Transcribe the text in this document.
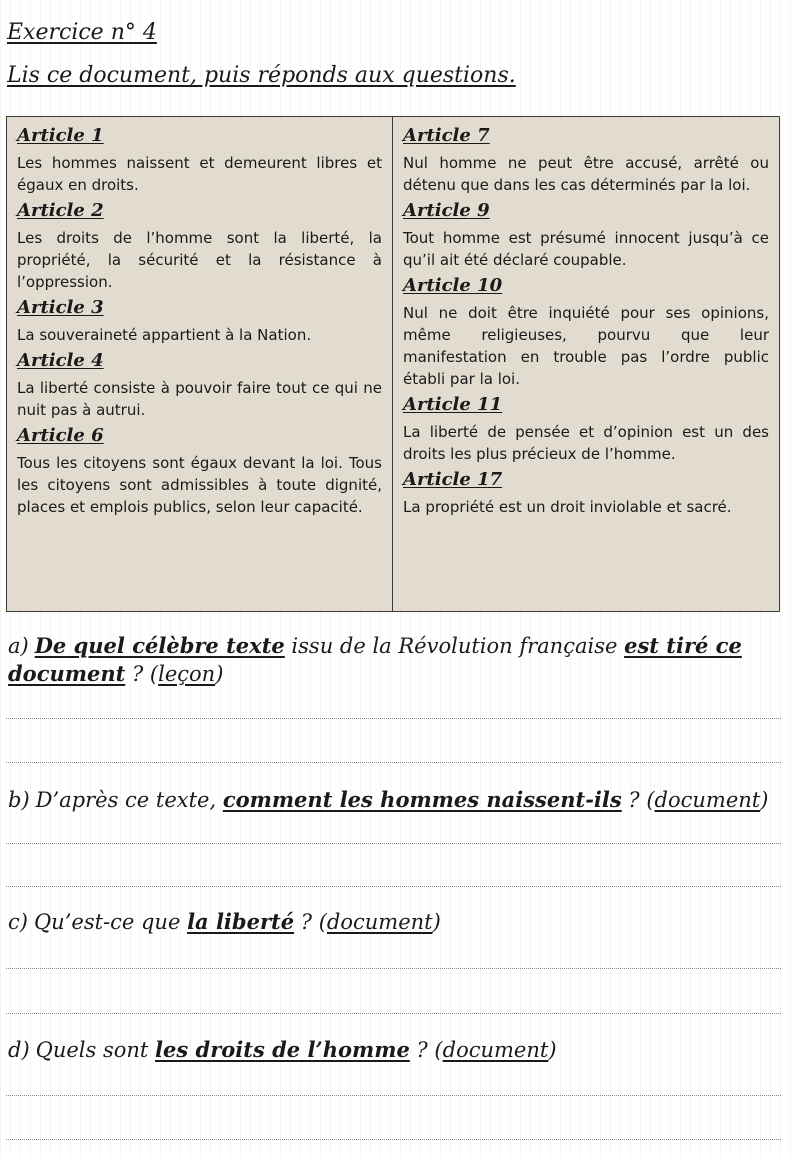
Exercice n° 4
Lis ce document, puis réponds aux questions.

Article 1

Les hommes naissent et demeurent libres et égaux en droits.

Article 2

Les droits de l’homme sont la liberté, la propriété, la sécurité et la résistance à l’oppression.

Article 3

La souveraineté appartient à la Nation.

Article 4

La liberté consiste à pouvoir faire tout ce qui ne nuit pas à autrui.

Article 6

Tous les citoyens sont égaux devant la loi. Tous les citoyens sont admissibles à toute dignité, places et emplois publics, selon leur capacité.

Article 7

Nul homme ne peut être accusé, arrêté ou détenu que dans les cas déterminés par la loi.

Article 9

Tout homme est présumé innocent jusqu’à ce qu’il ait été déclaré coupable.

Article 10

Nul ne doit être inquiété pour ses opinions, même religieuses, pourvu que leur manifestation en trouble pas l’ordre public établi par la loi.

Article 11

La liberté de pensée et d’opinion est un des droits les plus précieux de l’homme.

Article 17

La propriété est un droit inviolable et sacré.

a) De quel célèbre texte issu de la Révolution française est tiré ce document ? (leçon)
b) D’après ce texte, comment les hommes naissent-ils ? (document)
c) Qu’est-ce que la liberté ? (document)
d) Quels sont les droits de l’homme ? (document)
